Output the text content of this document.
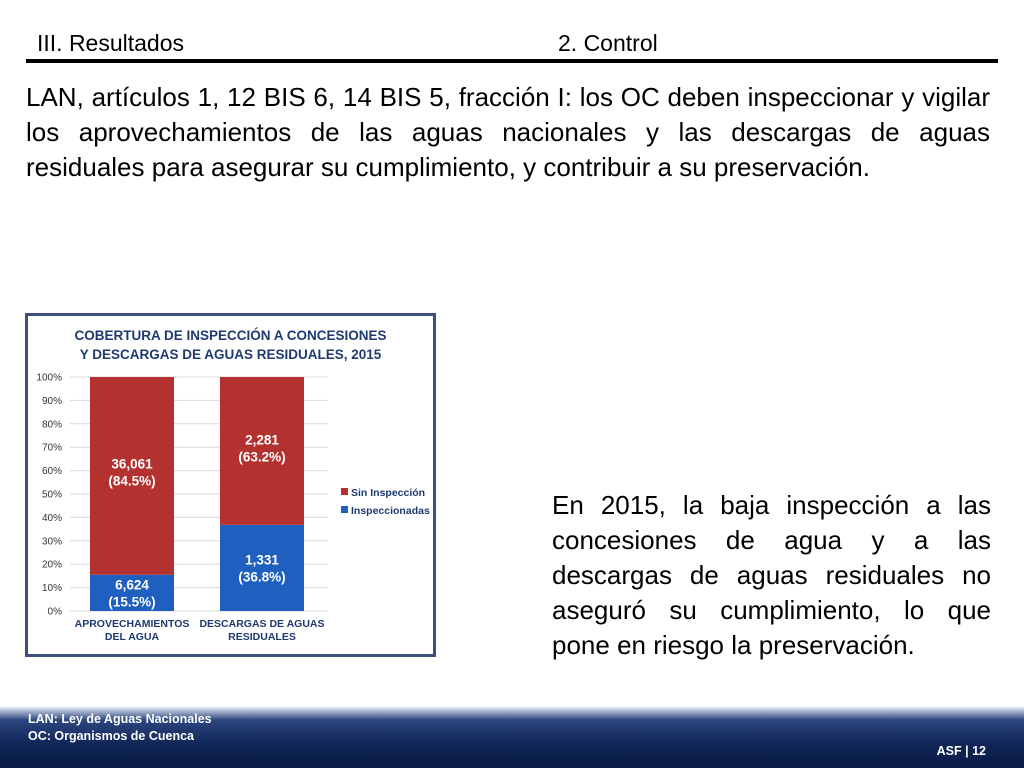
III. Resultados	2. Control

LAN, artículos 1, 12 BIS 6, 14 BIS 5, fracción I: los OC deben inspeccionar y vigilar los aprovechamientos de las aguas nacionales y las descargas de aguas residuales para asegurar su cumplimiento, y contribuir a su preservación.

COBERTURA DE INSPECCIÓN A CONCESIONES
Y DESCARGAS DE AGUAS RESIDUALES, 2015
0%
10%
20%
30%
40%
50%
60%
70%
80%
90%
100%
6,624
(15.5%)
36,061
(84.5%)
APROVECHAMIENTOS
DEL AGUA
1,331
(36.8%)
2,281
(63.2%)
DESCARGAS DE AGUAS
RESIDUALES
Sin Inspección
Inspeccionadas	En 2015, la baja inspección a las concesiones de agua y a las descargas de aguas residuales no aseguró su cumplimiento, lo que pone en riesgo la preservación.

LAN: Ley de Aguas Nacionales
OC: Organismos de Cuenca
ASF | 12
